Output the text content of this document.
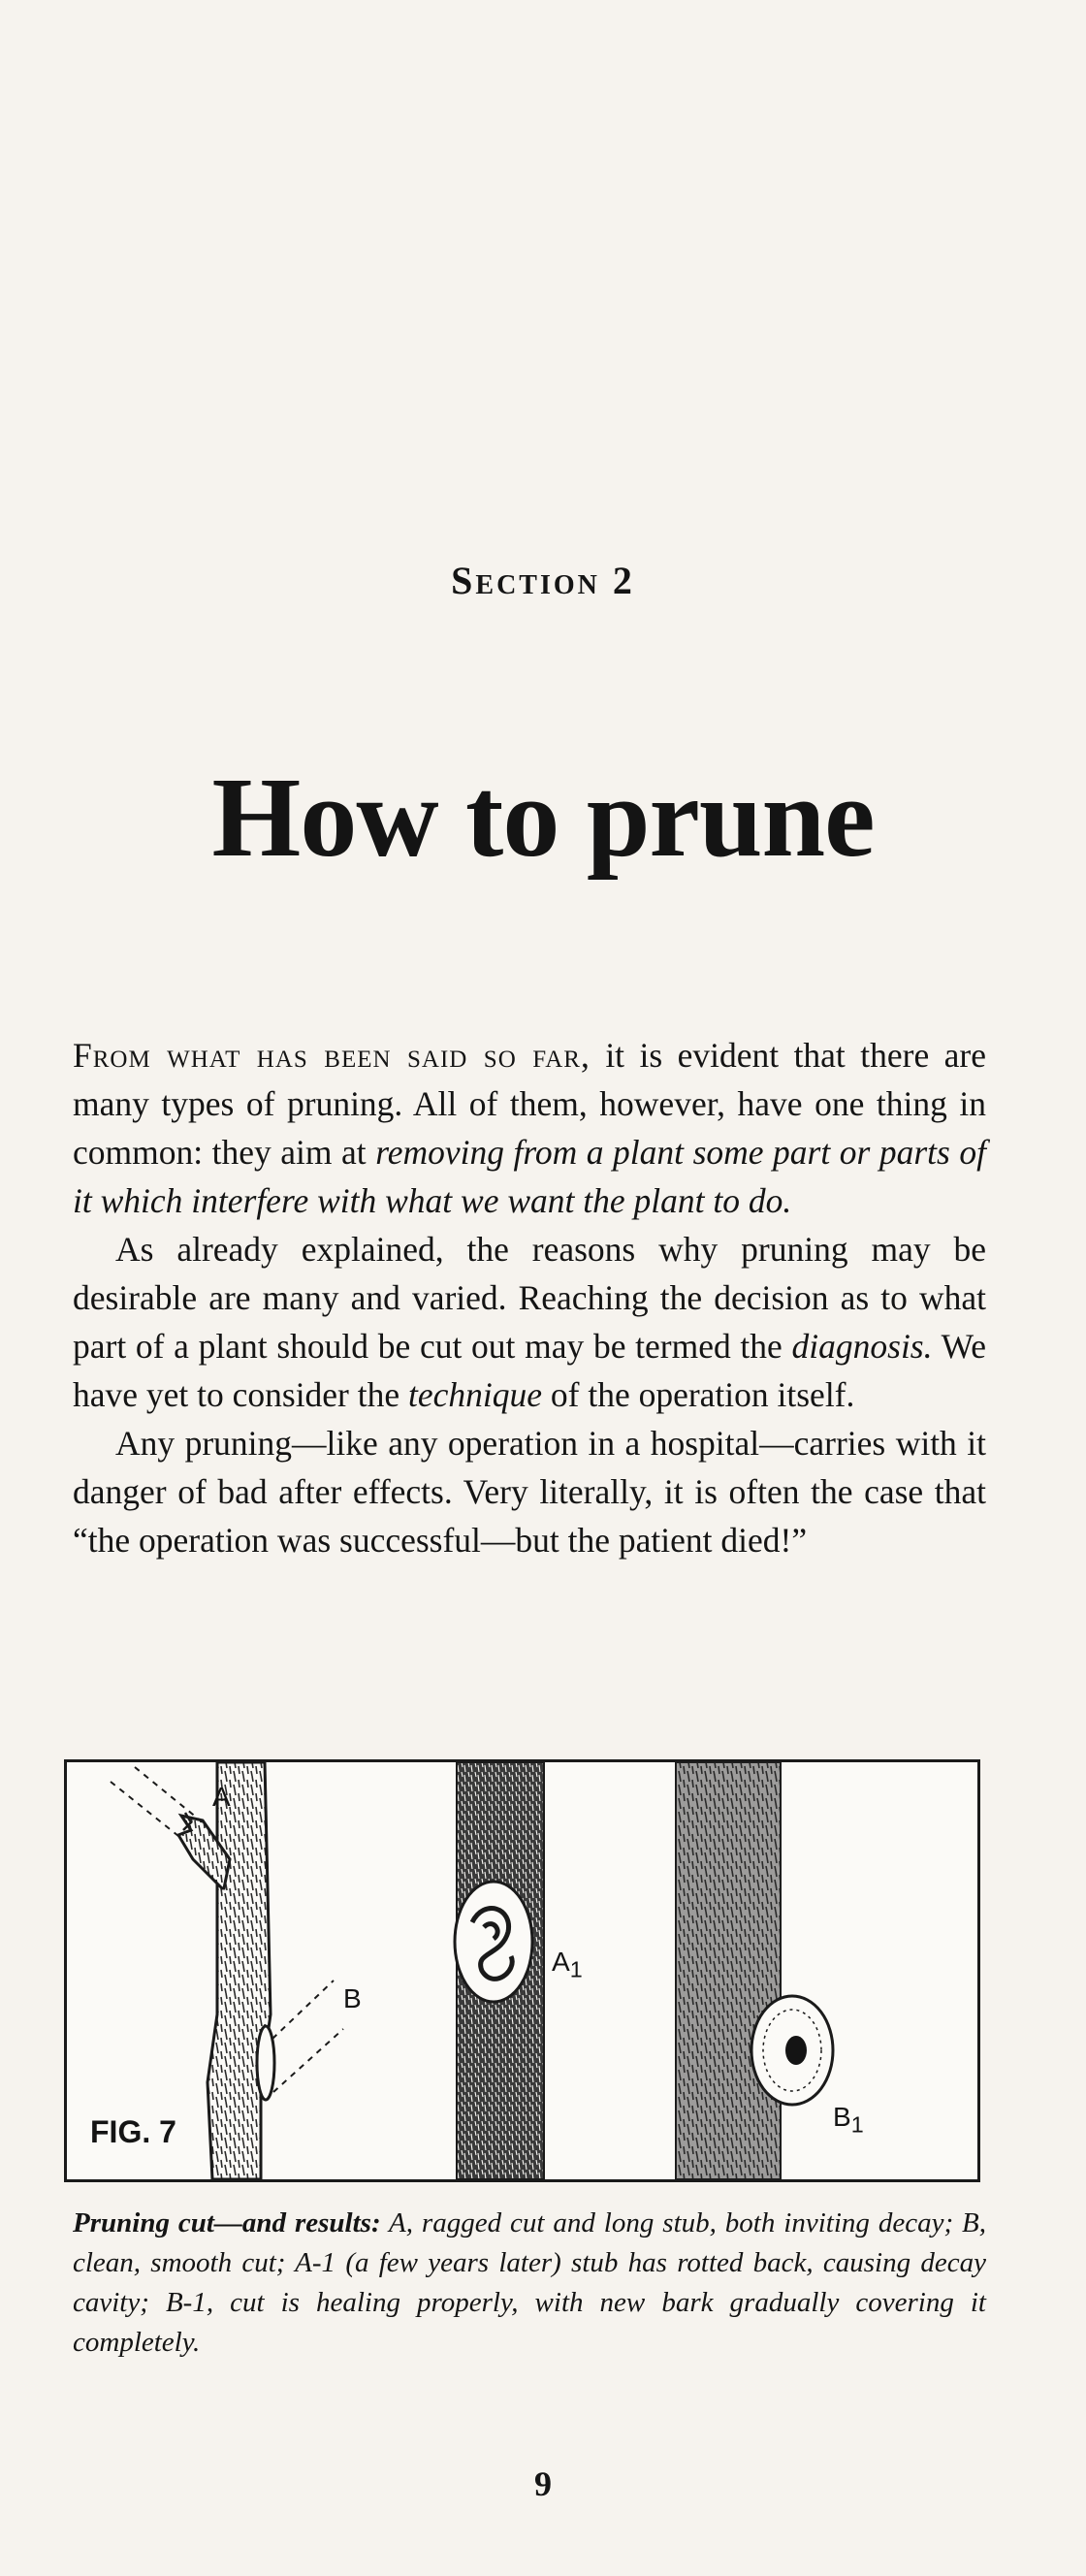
Section 2
How to prune

From what has been said so far, it is evident that there are many types of pruning. All of them, however, have one thing in common: they aim at removing from a plant some part or parts of it which interfere with what we want the plant to do.

As already explained, the reasons why pruning may be desirable are many and varied. Reaching the decision as to what part of a plant should be cut out may be termed the diagnosis. We have yet to consider the technique of the operation itself.

Any pruning—like any operation in a hospital—carries with it danger of bad after effects. Very literally, it is often the case that “the operation was successful—but the patient died!”

A
B
$A_1$
$B_1$
FIG. 7
Pruning cut—and results: A, ragged cut and long stub, both inviting decay; B, clean, smooth cut; A-1 (a few years later) stub has rotted back, causing decay cavity; B-1, cut is healing properly, with new bark gradually covering it completely.
9
